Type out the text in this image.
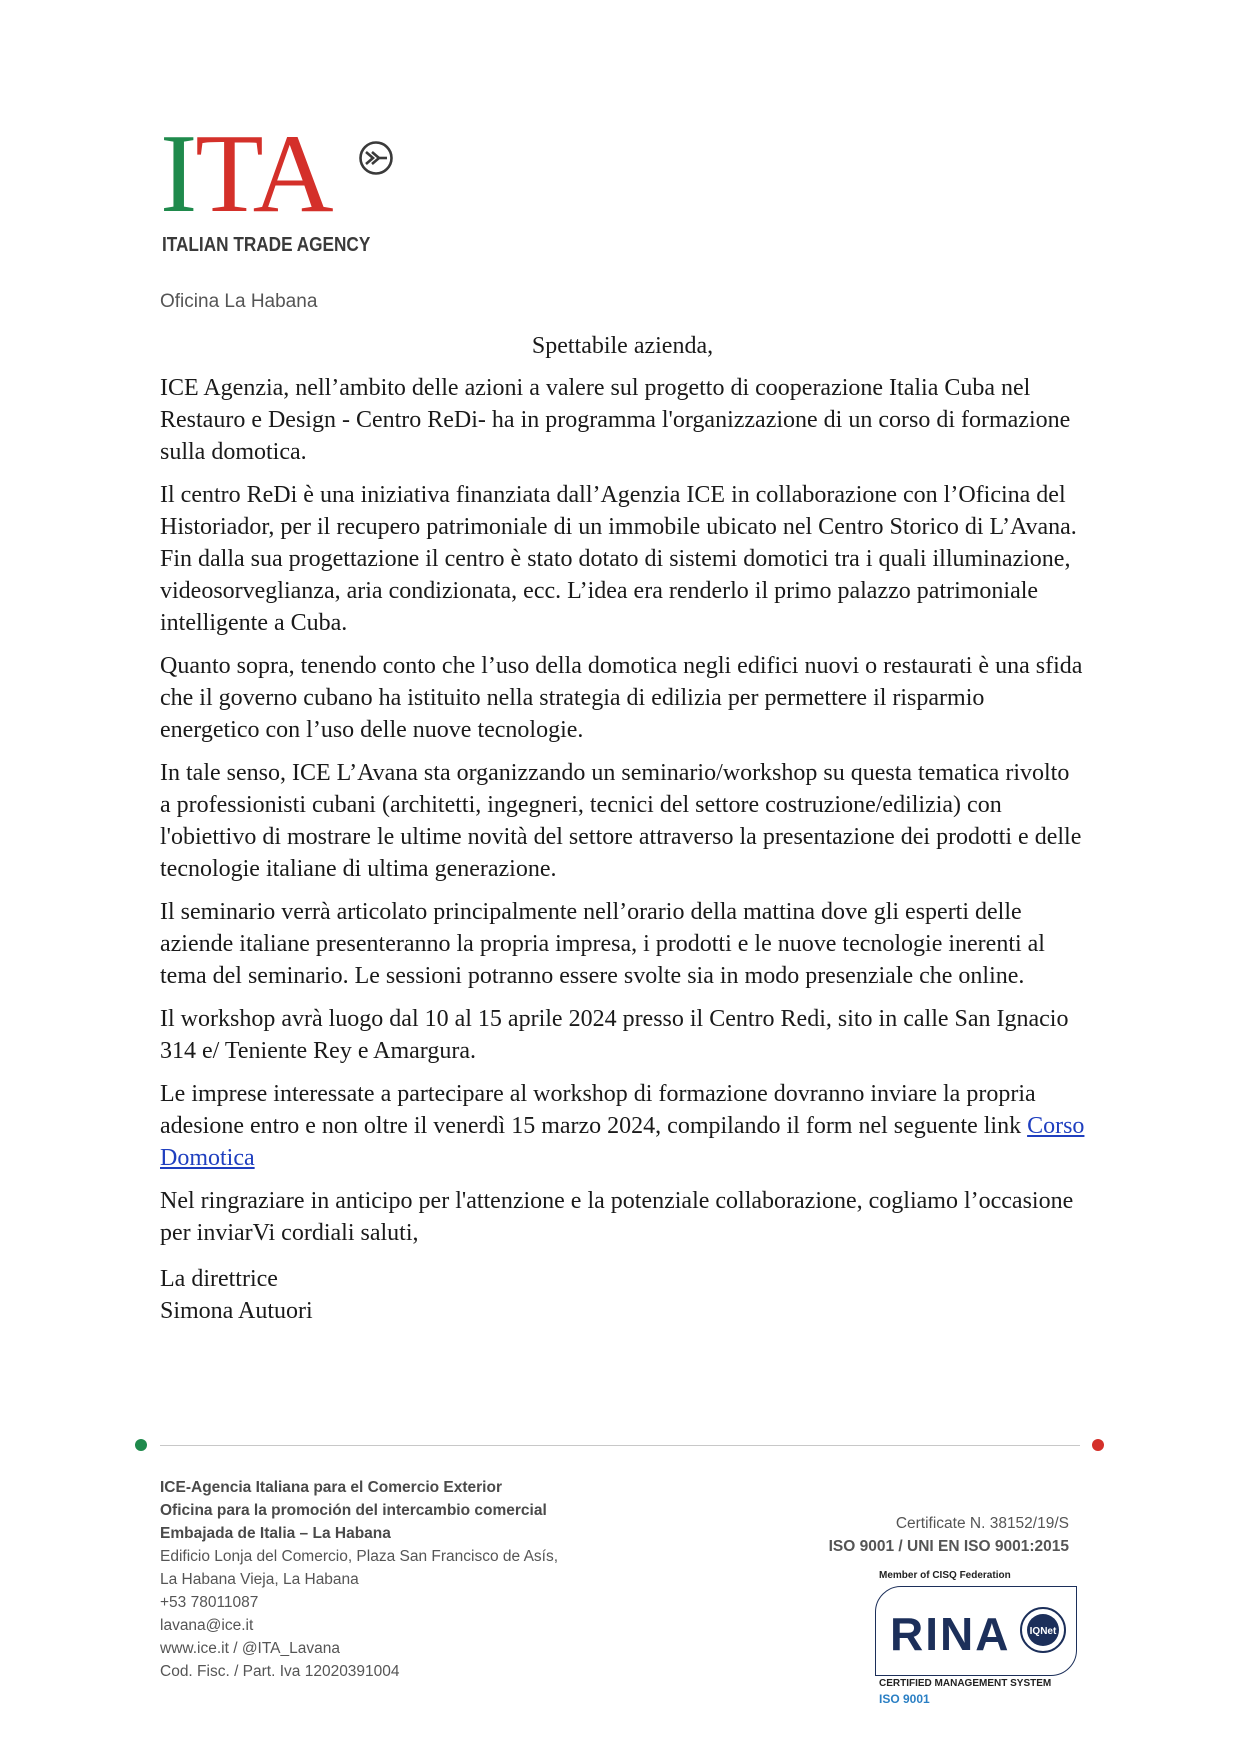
ITA
ITALIAN TRADE AGENCY
Oficina La Habana
Spettabile azienda,

ICE Agenzia, nell’ambito delle azioni a valere sul progetto di cooperazione Italia Cuba nel Restauro e Design - Centro ReDi- ha in programma l'organizzazione di un corso di formazione sulla domotica.

Il centro ReDi è una iniziativa finanziata dall’Agenzia ICE in collaborazione con l’Oficina del Historiador, per il recupero patrimoniale di un immobile ubicato nel Centro Storico di L’Avana. Fin dalla sua progettazione il centro è stato dotato di sistemi domotici tra i quali illuminazione, videosorveglianza, aria condizionata, ecc. L’idea era renderlo il primo palazzo patrimoniale intelligente a Cuba.

Quanto sopra, tenendo conto che l’uso della domotica negli edifici nuovi o restaurati è una sfida che il governo cubano ha istituito nella strategia di edilizia per permettere il risparmio energetico con l’uso delle nuove tecnologie.

In tale senso, ICE L’Avana sta organizzando un seminario/workshop su questa tematica rivolto a professionisti cubani (architetti, ingegneri, tecnici del settore costruzione/edilizia) con l'obiettivo di mostrare le ultime novità del settore attraverso la presentazione dei prodotti e delle tecnologie italiane di ultima generazione.

Il seminario verrà articolato principalmente nell’orario della mattina dove gli esperti delle aziende italiane presenteranno la propria impresa, i prodotti e le nuove tecnologie inerenti al tema del seminario. Le sessioni potranno essere svolte sia in modo presenziale che online.

Il workshop avrà luogo dal 10 al 15 aprile 2024 presso il Centro Redi, sito in calle San Ignacio 314 e/ Teniente Rey e Amargura.

Le imprese interessate a partecipare al workshop di formazione dovranno inviare la propria adesione entro e non oltre il venerdì 15 marzo 2024, compilando il form nel seguente link Corso Domotica

Nel ringraziare in anticipo per l'attenzione e la potenziale collaborazione, cogliamo l’occasione per inviarVi cordiali saluti,

La direttrice
Simona Autuori
ICE-Agencia Italiana para el Comercio Exterior
Oficina para la promoción del intercambio comercial
Embajada de Italia – La Habana
Edificio Lonja del Comercio, Plaza San Francisco de Asís,
La Habana Vieja, La Habana
+53 78011087
lavana@ice.it
www.ice.it / @ITA_Lavana
Cod. Fisc. / Part. Iva 12020391004
Certificate N. 38152/19/S
ISO 9001 / UNI EN ISO 9001:2015
Member of CISQ Federation
RINA IQNet
CERTIFIED MANAGEMENT SYSTEM
ISO 9001
